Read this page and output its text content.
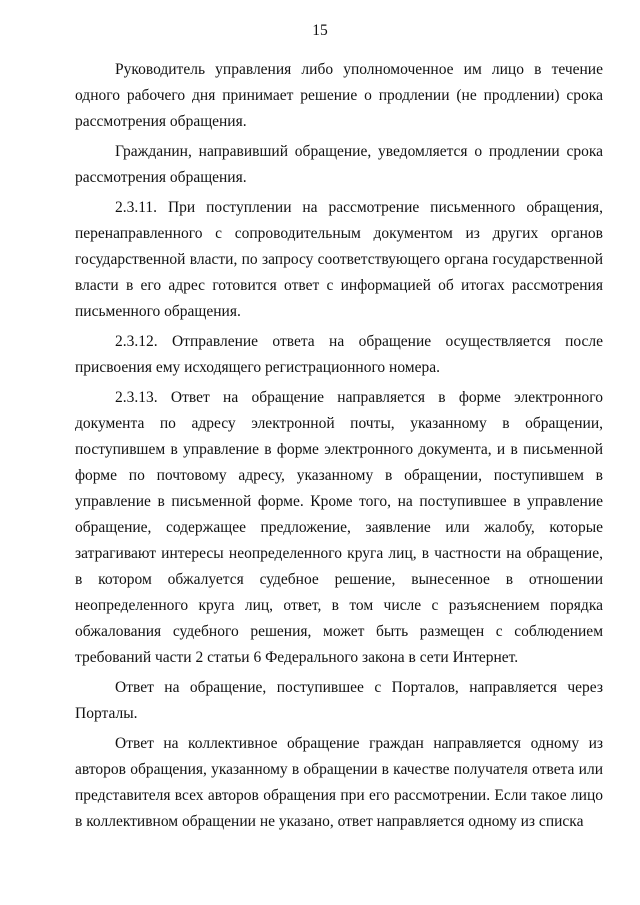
15

Руководитель управления либо уполномоченное им лицо в течение одного рабочего дня принимает решение о продлении (не продлении) срока рассмотрения обращения.

Гражданин, направивший обращение, уведомляется о продлении срока рассмотрения обращения.

2.3.11. При поступлении на рассмотрение письменного обращения, перенаправленного с сопроводительным документом из других органов государственной власти, по запросу соответствующего органа государственной власти в его адрес готовится ответ с информацией об итогах рассмотрения письменного обращения.

2.3.12. Отправление ответа на обращение осуществляется после присвоения ему исходящего регистрационного номера.

2.3.13. Ответ на обращение направляется в форме электронного документа по адресу электронной почты, указанному в обращении, поступившем в управление в форме электронного документа, и в письменной форме по почтовому адресу, указанному в обращении, поступившем в управление в письменной форме. Кроме того, на поступившее в управление обращение, содержащее предложение, заявление или жалобу, которые затрагивают интересы неопределенного круга лиц, в частности на обращение, в котором обжалуется судебное решение, вынесенное в отношении неопределенного круга лиц, ответ, в том числе с разъяснением порядка обжалования судебного решения, может быть размещен с соблюдением требований части 2 статьи 6 Федерального закона в сети Интернет.

Ответ на обращение, поступившее с Порталов, направляется через Порталы.

Ответ на коллективное обращение граждан направляется одному из авторов обращения, указанному в обращении в качестве получателя ответа или представителя всех авторов обращения при его рассмотрении. Если такое лицо в коллективном обращении не указано, ответ направляется одному из списка
